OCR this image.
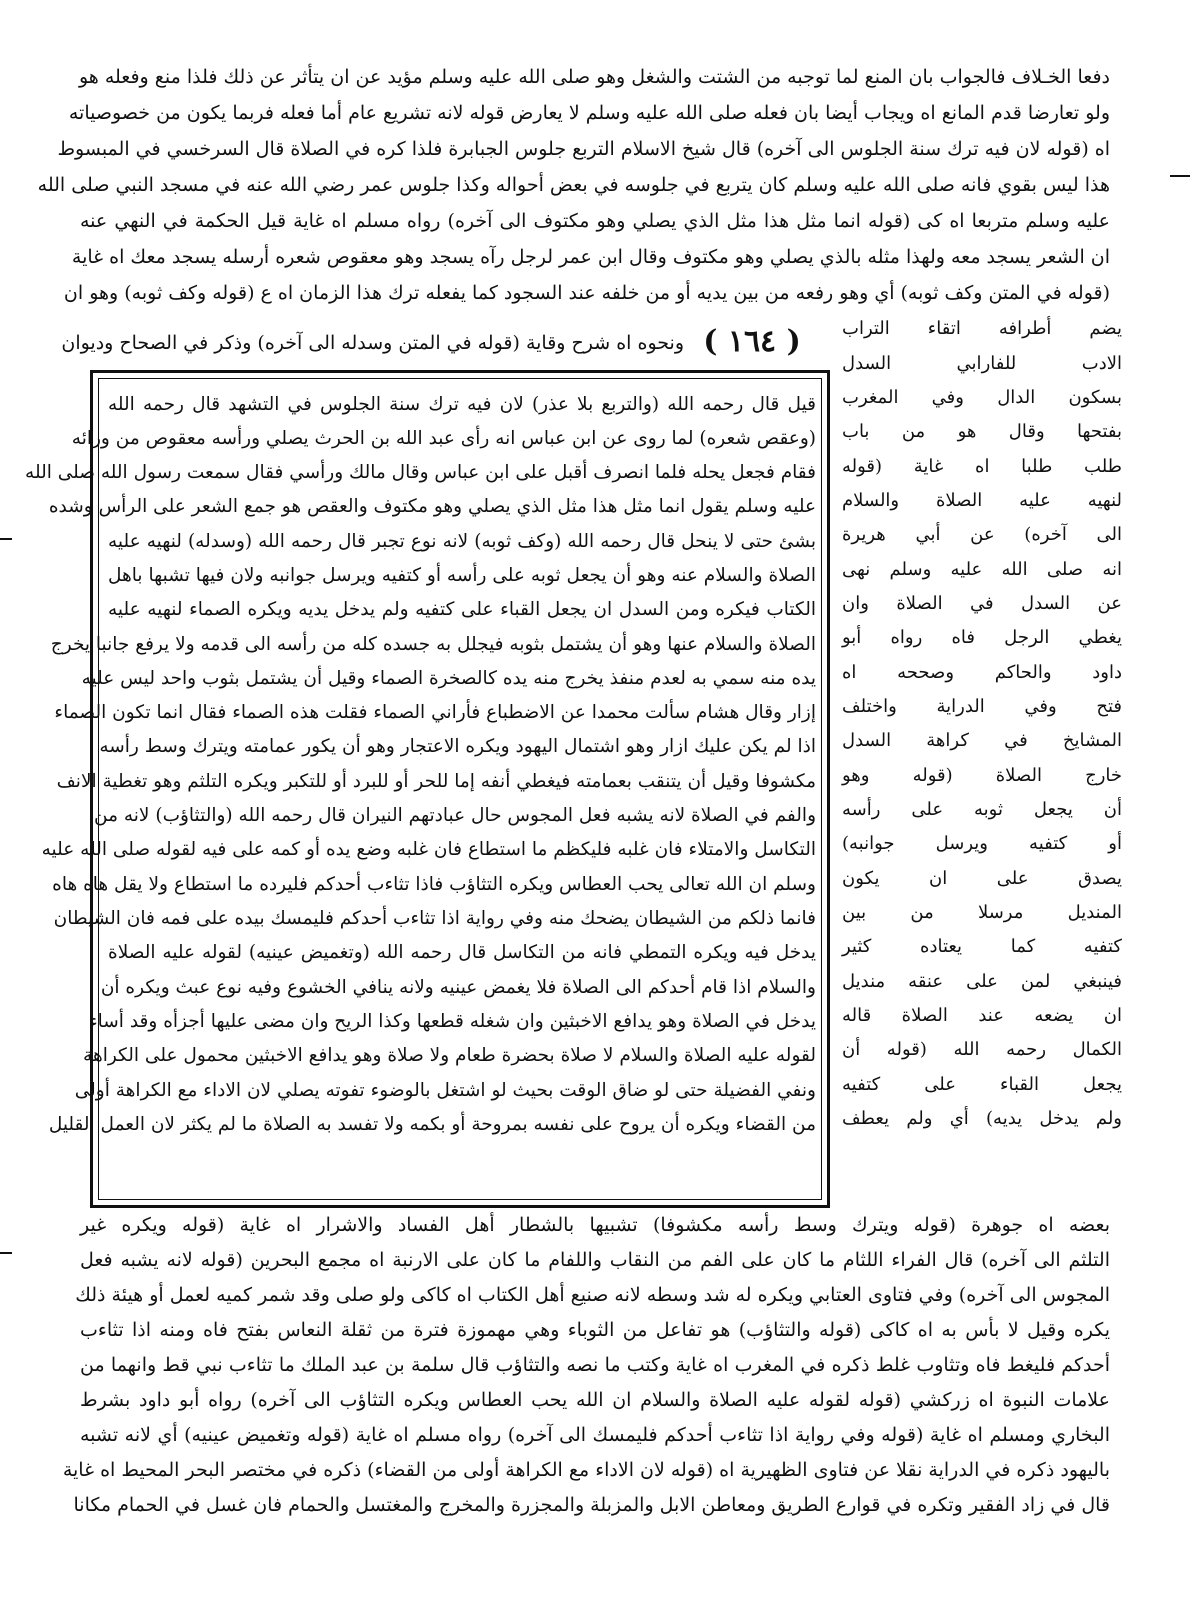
دفعا الخـلاف فالجواب بان المنع لما توجبه من الشتت والشغل وهو صلى الله عليه وسلم مؤيد عن ان يتأثر عن ذلك فلذا منع وفعله هو
ولو تعارضا قدم المانع اه ويجاب أيضا بان فعله صلى الله عليه وسلم لا يعارض قوله لانه تشريع عام أما فعله فربما يكون من خصوصياته
اه (قوله لان فيه ترك سنة الجلوس الى آخره) قال شيخ الاسلام التربع جلوس الجبابرة فلذا كره في الصلاة قال السرخسي في المبسوط
هذا ليس بقوي فانه صلى الله عليه وسلم كان يتربع في جلوسه في بعض أحواله وكذا جلوس عمر رضي الله عنه في مسجد النبي صلى الله
عليه وسلم متربعا اه كى (قوله انما مثل هذا مثل الذي يصلي وهو مكتوف الى آخره) رواه مسلم اه غاية قيل الحكمة في النهي عنه
ان الشعر يسجد معه ولهذا مثله بالذي يصلي وهو مكتوف وقال ابن عمر لرجل رآه يسجد وهو معقوص شعره أرسله يسجد معك اه غاية
(قوله في المتن وكف ثوبه) أي وهو رفعه من بين يديه أو من خلفه عند السجود كما يفعله ترك هذا الزمان اه ع (قوله وكف ثوبه) وهو ان
ونحوه اه شرح وقاية (قوله في المتن وسدله الى آخره) وذكر في الصحاح وديوان
يضم أطرافه اتقاء التراب
( ١٦٤ )
قيل قال رحمه الله (والتربع بلا عذر) لان فيه ترك سنة الجلوس في التشهد قال رحمه الله
(وعقص شعره) لما روى عن ابن عباس انه رأى عبد الله بن الحرث يصلي ورأسه معقوص من ورائه
فقام فجعل يحله فلما انصرف أقبل على ابن عباس وقال مالك ورأسي فقال سمعت رسول الله صلى الله
عليه وسلم يقول انما مثل هذا مثل الذي يصلي وهو مكتوف والعقص هو جمع الشعر على الرأس وشده
بشئ حتى لا ينحل قال رحمه الله (وكف ثوبه) لانه نوع تجبر قال رحمه الله (وسدله) لنهيه عليه
الصلاة والسلام عنه وهو أن يجعل ثوبه على رأسه أو كتفيه ويرسل جوانبه ولان فيها تشبها باهل
الكتاب فيكره ومن السدل ان يجعل القباء على كتفيه ولم يدخل يديه ويكره الصماء لنهيه عليه
الصلاة والسلام عنها وهو أن يشتمل بثوبه فيجلل به جسده كله من رأسه الى قدمه ولا يرفع جانبا يخرج
يده منه سمي به لعدم منفذ يخرج منه يده كالصخرة الصماء وقيل أن يشتمل بثوب واحد ليس عليه
إزار وقال هشام سألت محمدا عن الاضطباع فأراني الصماء فقلت هذه الصماء فقال انما تكون الصماء
اذا لم يكن عليك ازار وهو اشتمال اليهود ويكره الاعتجار وهو أن يكور عمامته ويترك وسط رأسه
مكشوفا وقيل أن يتنقب بعمامته فيغطي أنفه إما للحر أو للبرد أو للتكبر ويكره التلثم وهو تغطية الانف
والفم في الصلاة لانه يشبه فعل المجوس حال عبادتهم النيران قال رحمه الله (والتثاؤب) لانه من
التكاسل والامتلاء فان غلبه فليكظم ما استطاع فان غلبه وضع يده أو كمه على فيه لقوله صلى الله عليه
وسلم ان الله تعالى يحب العطاس ويكره التثاؤب فاذا تثاءب أحدكم فليرده ما استطاع ولا يقل هاه هاه
فانما ذلكم من الشيطان يضحك منه وفي رواية اذا تثاءب أحدكم فليمسك بيده على فمه فان الشيطان
يدخل فيه ويكره التمطي فانه من التكاسل قال رحمه الله (وتغميض عينيه) لقوله عليه الصلاة
والسلام اذا قام أحدكم الى الصلاة فلا يغمض عينيه ولانه ينافي الخشوع وفيه نوع عبث ويكره أن
يدخل في الصلاة وهو يدافع الاخبثين وان شغله قطعها وكذا الريح وان مضى عليها أجزأه وقد أساء
لقوله عليه الصلاة والسلام لا صلاة بحضرة طعام ولا صلاة وهو يدافع الاخبثين محمول على الكراهة
ونفي الفضيلة حتى لو ضاق الوقت بحيث لو اشتغل بالوضوء تفوته يصلي لان الاداء مع الكراهة أولى
من القضاء ويكره أن يروح على نفسه بمروحة أو بكمه ولا تفسد به الصلاة ما لم يكثر لان العمل القليل
الادب للفارابي السدل
بسكون الدال وفي المغرب
بفتحها وقال هو من باب
طلب طلبا اه غاية (قوله
لنهيه عليه الصلاة والسلام
الى آخره) عن أبي هريرة
انه صلى الله عليه وسلم نهى
عن السدل في الصلاة وان
يغطي الرجل فاه رواه أبو
داود والحاكم وصححه اه
فتح وفي الدراية واختلف
المشايخ في كراهة السدل
خارج الصلاة (قوله وهو
أن يجعل ثوبه على رأسه
أو كتفيه ويرسل جوانبه)
يصدق على ان يكون
المنديل مرسلا من بين
كتفيه كما يعتاده كثير
فينبغي لمن على عنقه منديل
ان يضعه عند الصلاة قاله
الكمال رحمه الله (قوله أن
يجعل القباء على كتفيه
ولم يدخل يديه) أي ولم يعطف
بعضه اه جوهرة (قوله ويترك وسط رأسه مكشوفا) تشبيها بالشطار أهل الفساد والاشرار اه غاية (قوله ويكره غير
التلثم الى آخره) قال الفراء اللثام ما كان على الفم من النقاب واللفام ما كان على الارنبة اه مجمع البحرين (قوله لانه يشبه فعل
المجوس الى آخره) وفي فتاوى العتابي ويكره له شد وسطه لانه صنيع أهل الكتاب اه كاكى ولو صلى وقد شمر كميه لعمل أو هيئة ذلك
يكره وقيل لا بأس به اه كاكى (قوله والتثاؤب) هو تفاعل من الثوباء وهي مهموزة فترة من ثقلة النعاس بفتح فاه ومنه اذا تثاءب
أحدكم فليغط فاه وتثاوب غلط ذكره في المغرب اه غاية وكتب ما نصه والتثاؤب قال سلمة بن عبد الملك ما تثاءب نبي قط وانهما من
علامات النبوة اه زركشي (قوله لقوله عليه الصلاة والسلام ان الله يحب العطاس ويكره التثاؤب الى آخره) رواه أبو داود بشرط
البخاري ومسلم اه غاية (قوله وفي رواية اذا تثاءب أحدكم فليمسك الى آخره) رواه مسلم اه غاية (قوله وتغميض عينيه) أي لانه تشبه
باليهود ذكره في الدراية نقلا عن فتاوى الظهيرية اه (قوله لان الاداء مع الكراهة أولى من القضاء) ذكره في مختصر البحر المحيط اه غاية
قال في زاد الفقير وتكره في قوارع الطريق ومعاطن الابل والمزبلة والمجزرة والمخرج والمغتسل والحمام فان غسل في الحمام مكانا
